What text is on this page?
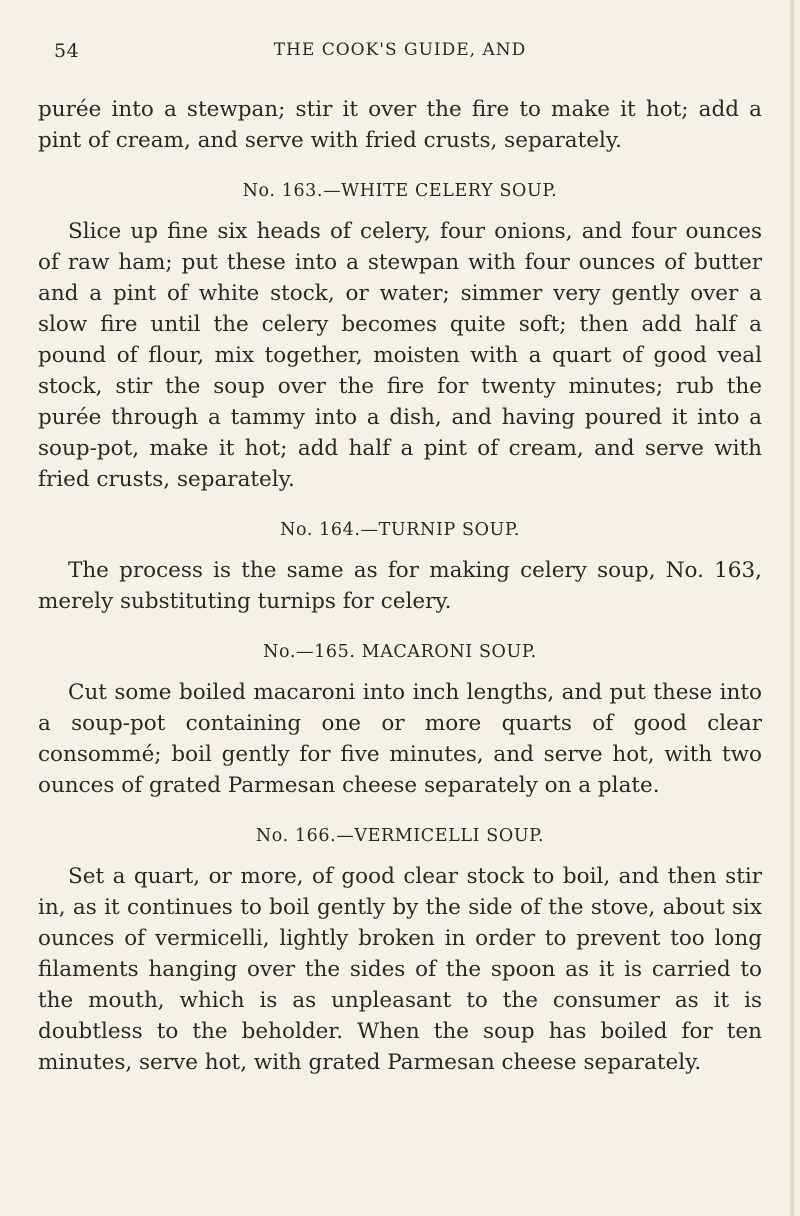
54	THE COOK'S GUIDE, AND

purée into a stewpan; stir it over the fire to make it hot; add a pint of cream, and serve with fried crusts, separately.

No. 163.—WHITE CELERY SOUP.

Slice up fine six heads of celery, four onions, and four ounces of raw ham; put these into a stewpan with four ounces of butter and a pint of white stock, or water; simmer very gently over a slow fire until the celery becomes quite soft; then add half a pound of flour, mix together, moisten with a quart of good veal stock, stir the soup over the fire for twenty minutes; rub the purée through a tammy into a dish, and having poured it into a soup-pot, make it hot; add half a pint of cream, and serve with fried crusts, separately.

No. 164.—TURNIP SOUP.

The process is the same as for making celery soup, No. 163, merely substituting turnips for celery.

No.—165. MACARONI SOUP.

Cut some boiled macaroni into inch lengths, and put these into a soup-pot containing one or more quarts of good clear consommé; boil gently for five minutes, and serve hot, with two ounces of grated Parmesan cheese separately on a plate.

No. 166.—VERMICELLI SOUP.

Set a quart, or more, of good clear stock to boil, and then stir in, as it continues to boil gently by the side of the stove, about six ounces of vermicelli, lightly broken in order to prevent too long filaments hanging over the sides of the spoon as it is carried to the mouth, which is as unpleasant to the consumer as it is doubtless to the beholder. When the soup has boiled for ten minutes, serve hot, with grated Parmesan cheese separately.
